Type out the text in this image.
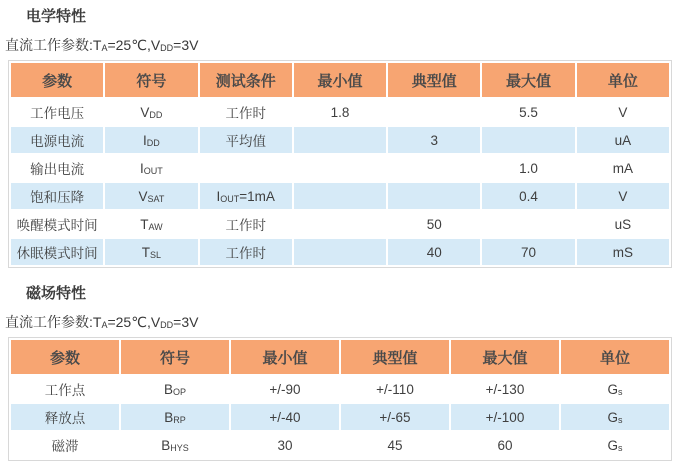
电学特性
直流工作参数:TA=25℃,VDD=3V
参数	符号	测试条件	最小值	典型值	最大值	单位
工作电压	VDD	工作时	1.8		5.5	V
电源电流	IDD	平均值		3		uA
输出电流	IOUT				1.0	mA
饱和压降	VSAT	IOUT=1mA			0.4	V
唤醒模式时间	TAW	工作时		50		uS
休眠模式时间	TSL	工作时		40	70	mS
磁场特性
直流工作参数:TA=25℃,VDD=3V
参数	符号	最小值	典型值	最大值	单位
工作点	BOP	+/-90	+/-110	+/-130	Gs
释放点	BRP	+/-40	+/-65	+/-100	Gs
磁滞	BHYS	30	45	60	Gs
